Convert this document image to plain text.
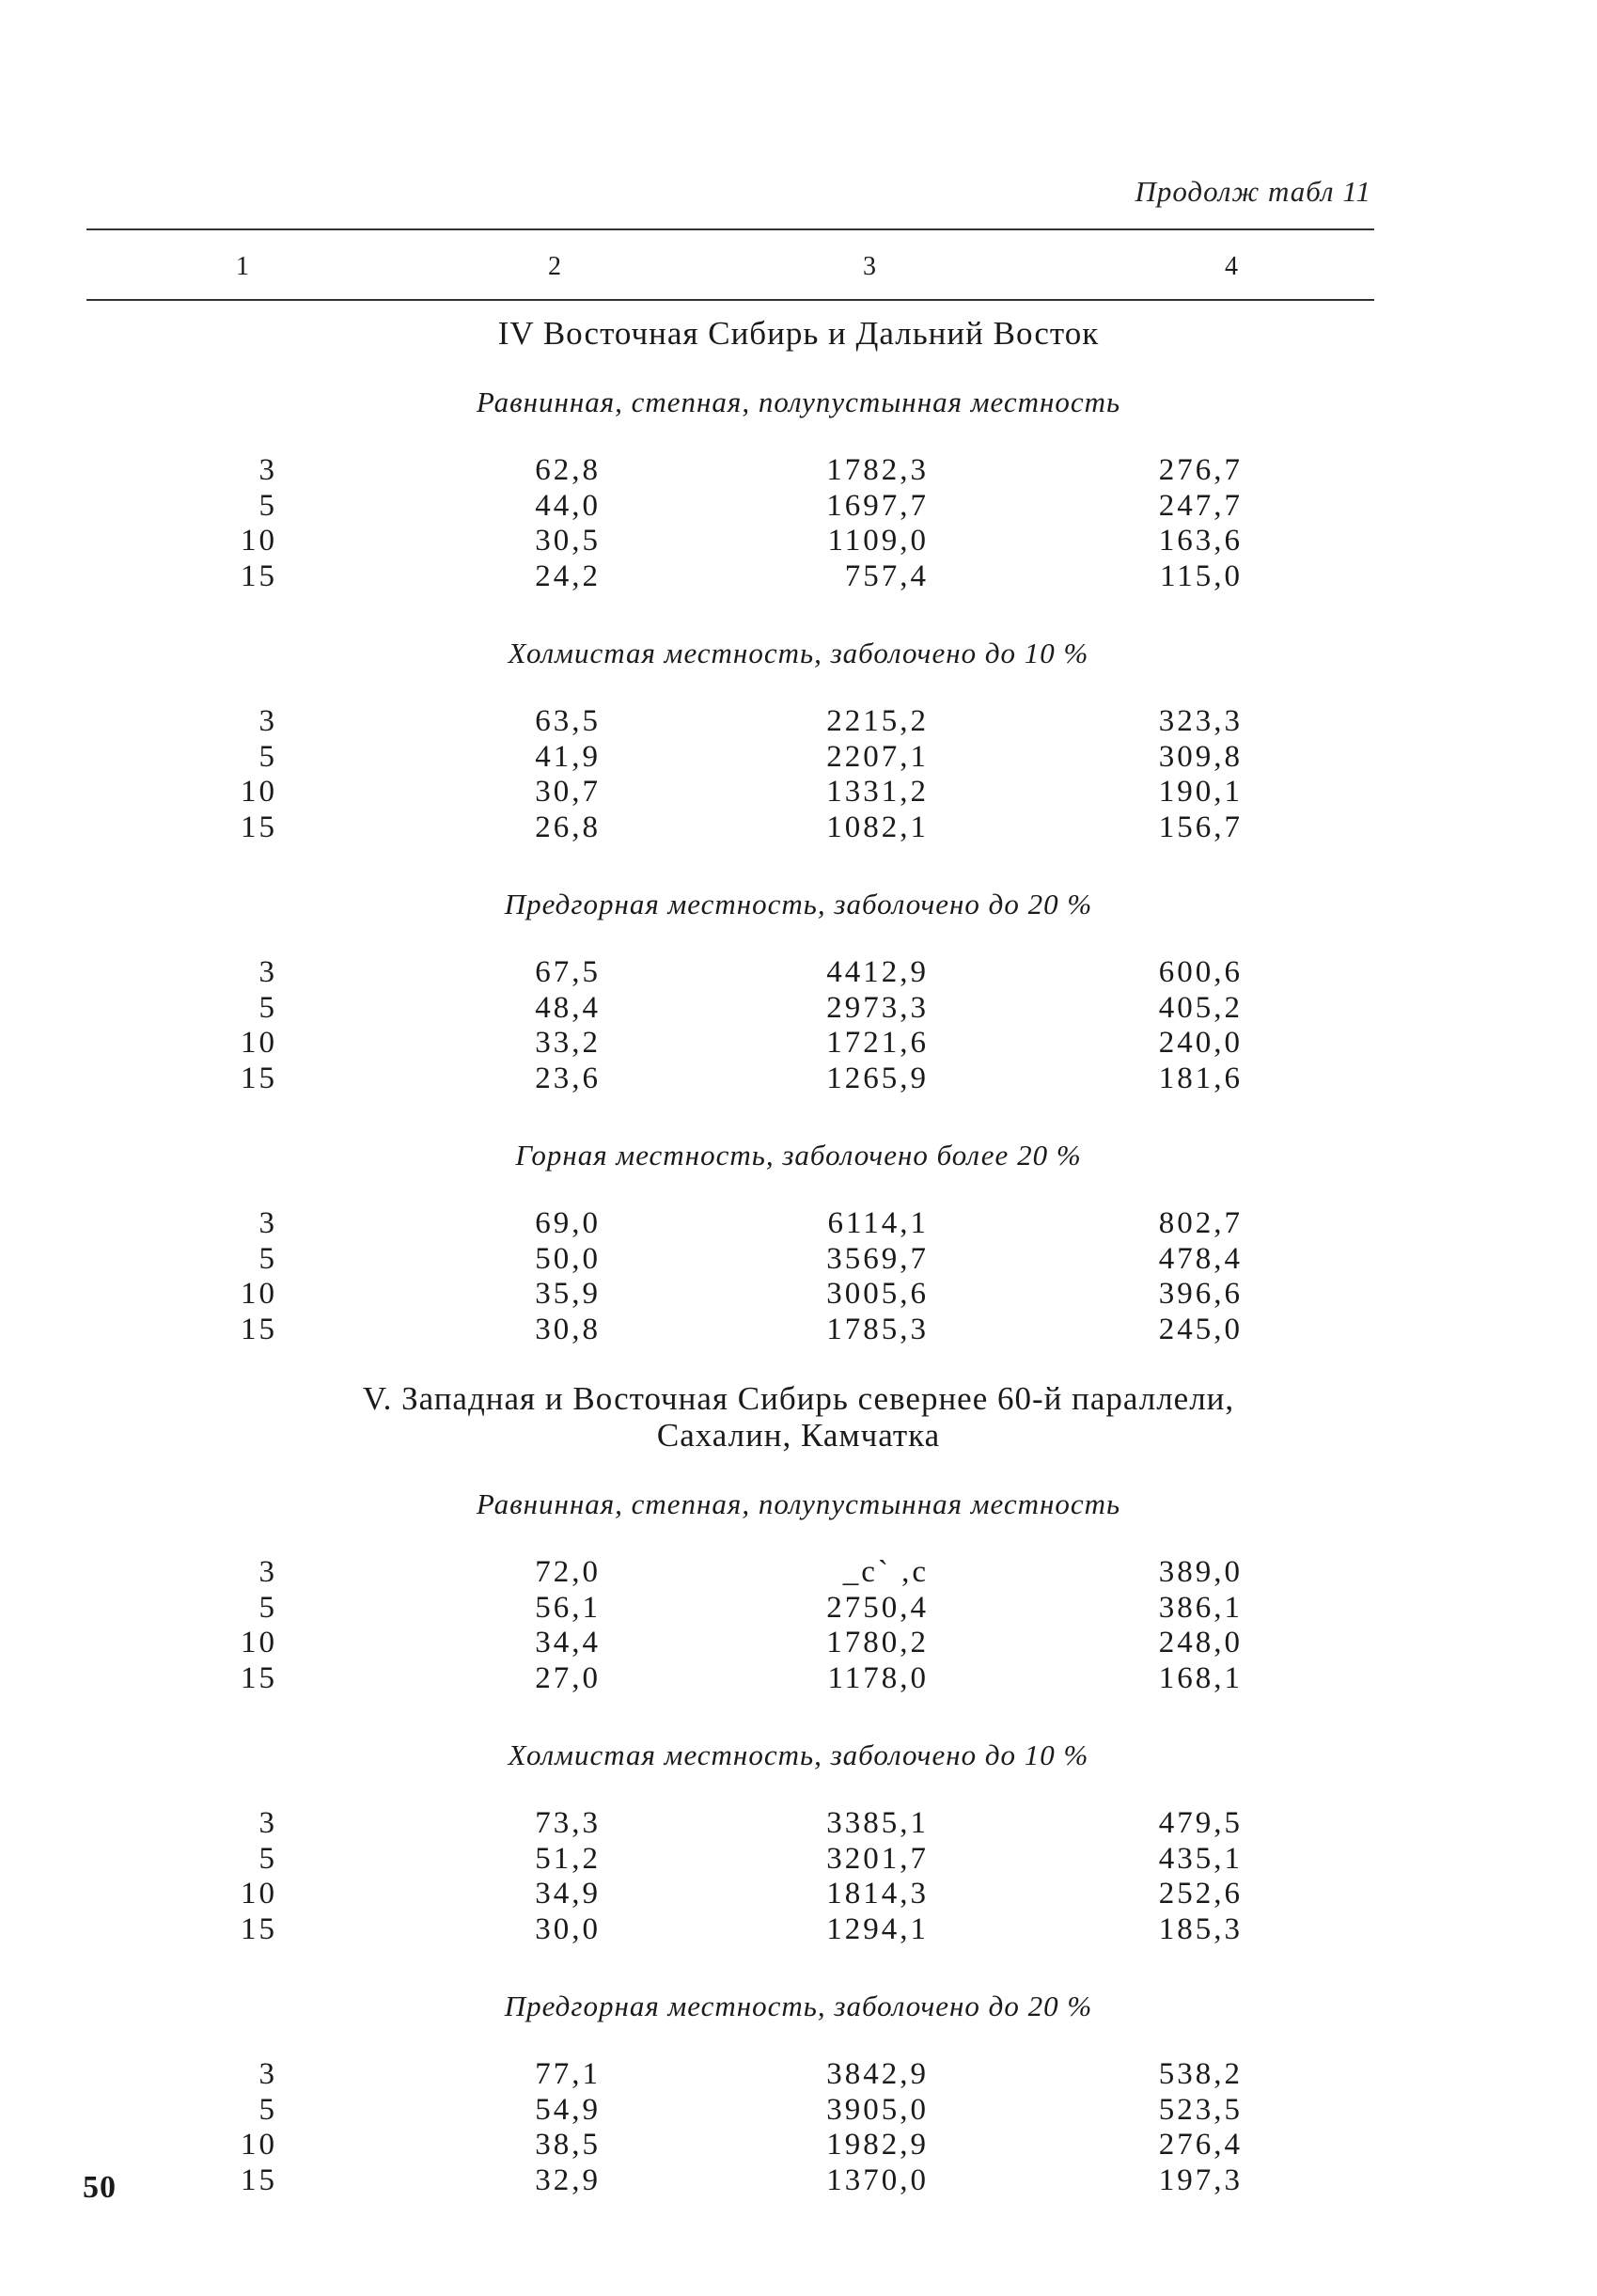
Продолж табл 11
1	2	3	4
IV Восточная Сибирь и Дальний Восток
Равнинная, степная, полупустынная местность
3	62,8	1782,3	276,7
5	44,0	1697,7	247,7
10	30,5	1109,0	163,6
15	24,2	757,4	115,0
Холмистая местность, заболочено до 10 %
3	63,5	2215,2	323,3
5	41,9	2207,1	309,8
10	30,7	1331,2	190,1
15	26,8	1082,1	156,7
Предгорная местность, заболочено до 20 %
3	67,5	4412,9	600,6
5	48,4	2973,3	405,2
10	33,2	1721,6	240,0
15	23,6	1265,9	181,6
Горная местность, заболочено более 20 %
3	69,0	6114,1	802,7
5	50,0	3569,7	478,4
10	35,9	3005,6	396,6
15	30,8	1785,3	245,0
V. Западная и Восточная Сибирь севернее 60-й параллели,
Сахалин, Камчатка
Равнинная, степная, полупустынная местность
3	72,0	_с` ,с	389,0
5	56,1	2750,4	386,1
10	34,4	1780,2	248,0
15	27,0	1178,0	168,1
Холмистая местность, заболочено до 10 %
3	73,3	3385,1	479,5
5	51,2	3201,7	435,1
10	34,9	1814,3	252,6
15	30,0	1294,1	185,3
Предгорная местность, заболочено до 20 %
3	77,1	3842,9	538,2
5	54,9	3905,0	523,5
10	38,5	1982,9	276,4
15	32,9	1370,0	197,3
50
